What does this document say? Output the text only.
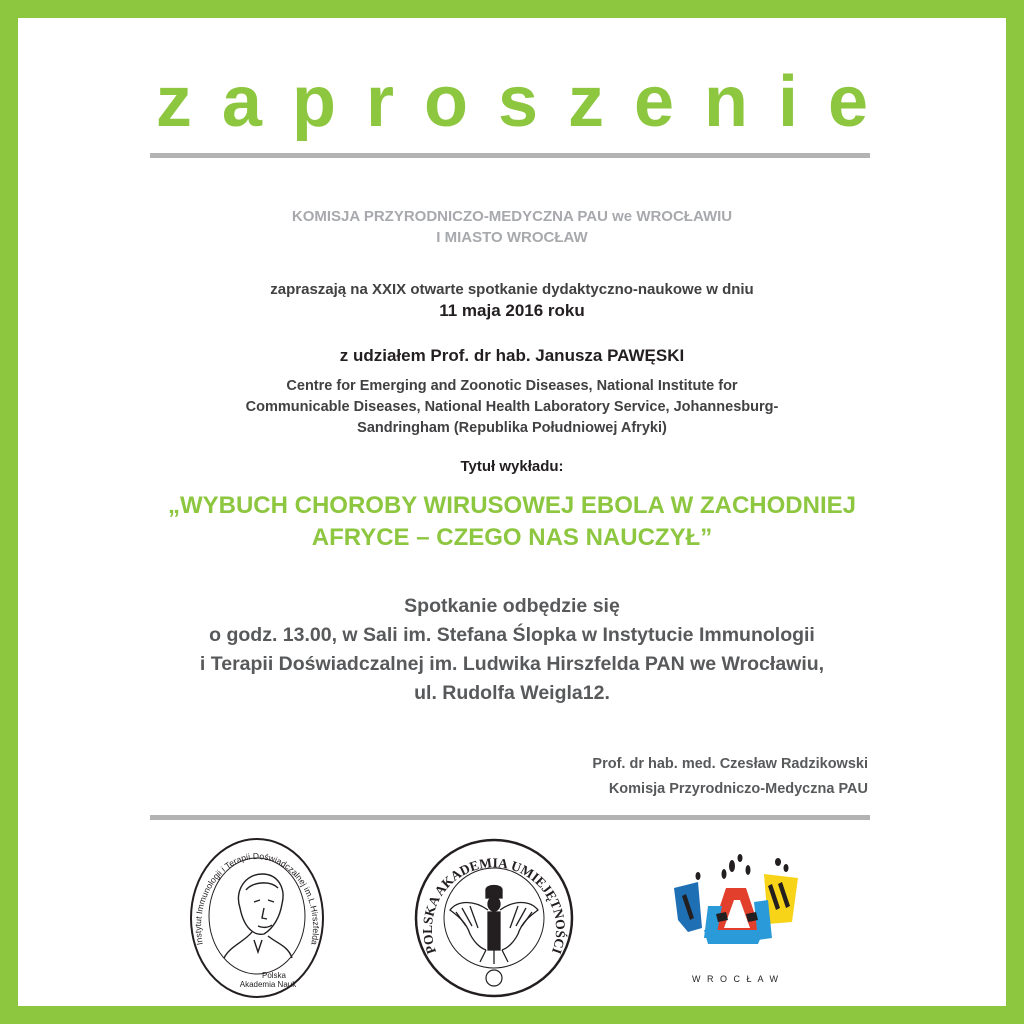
zaproszenie
KOMISJA PRZYRODNICZO-MEDYCZNA PAU we WROCŁAWIU
I MIASTO WROCŁAW
zapraszają na XXIX otwarte spotkanie dydaktyczno-naukowe w dniu
11 maja 2016 roku
z udziałem Prof. dr hab. Janusza PAWĘSKI
Centre for Emerging and Zoonotic Diseases, National Institute for
Communicable Diseases, National Health Laboratory Service, Johannesburg-
Sandringham (Republika Południowej Afryki)
Tytuł wykładu:
„WYBUCH CHOROBY WIRUSOWEJ EBOLA W ZACHODNIEJ
AFRYCE – CZEGO NAS NAUCZYŁ”
Spotkanie odbędzie się
o godz. 13.00, w Sali im. Stefana Ślopka w Instytucie Immunologii
i Terapii Doświadczalnej im. Ludwika Hirszfelda PAN we Wrocławiu,
ul. Rudolfa Weigla12.
Prof. dr hab. med. Czesław Radzikowski
Komisja Przyrodniczo-Medyczna PAU
Instytut Immunologii i Terapii Doświadczalnej im.L.Hirszfelda
Polska
Akademia Nauk
POLSKA AKADEMIA UMIEJĘTNOŚCI
W R O C Ł A W
